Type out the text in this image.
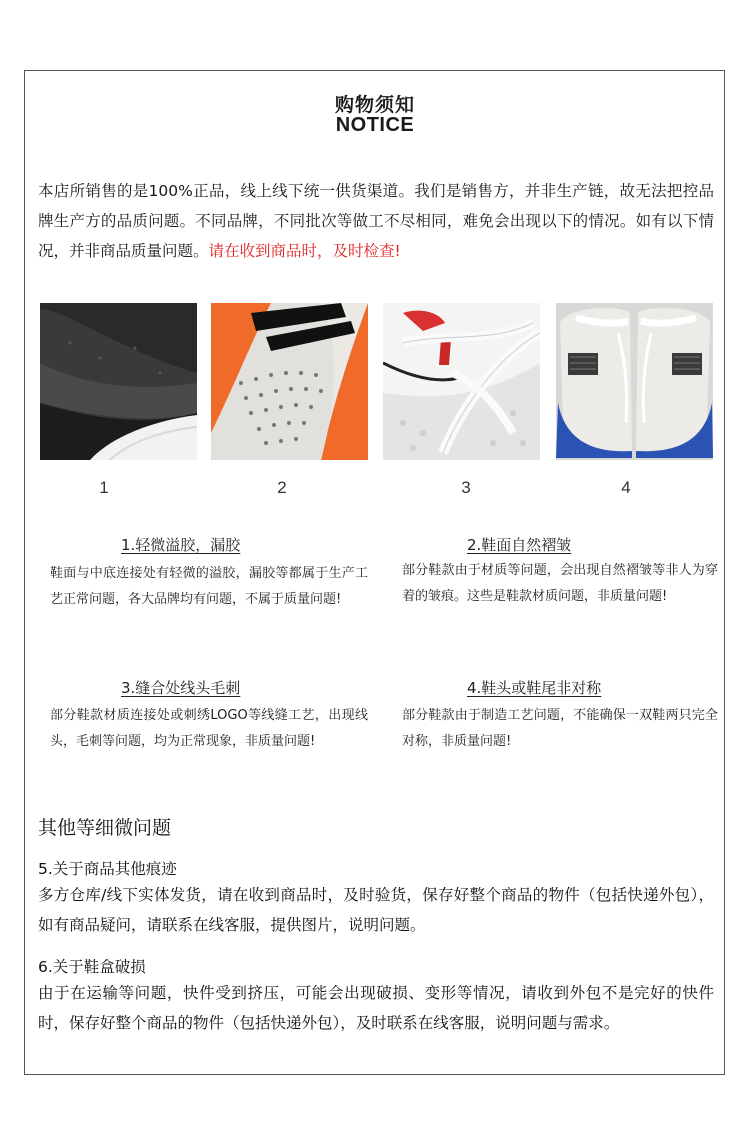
购物须知
NOTICE
本店所销售的是100%正品，线上线下统一供货渠道。我们是销售方，并非生产链，故无法把控品牌生产方的品质问题。不同品牌，不同批次等做工不尽相同，难免会出现以下的情况。如有以下情况，并非商品质量问题。请在收到商品时，及时检查!
1	2	3	4
1.轻微溢胶，漏胶
鞋面与中底连接处有轻微的溢胶，漏胶等都属于生产工艺正常问题，各大品牌均有问题，不属于质量问题!
2.鞋面自然褶皱
部分鞋款由于材质等问题，会出现自然褶皱等非人为穿着的皱痕。这些是鞋款材质问题，非质量问题!
3.缝合处线头毛刺
部分鞋款材质连接处或刺绣LOGO等线缝工艺，出现线头，毛刺等问题，均为正常现象，非质量问题!
4.鞋头或鞋尾非对称
部分鞋款由于制造工艺问题，不能确保一双鞋两只完全对称，非质量问题!
其他等细微问题
5.关于商品其他痕迹
多方仓库/线下实体发货，请在收到商品时，及时验货，保存好整个商品的物件（包括快递外包），如有商品疑问，请联系在线客服，提供图片，说明问题。
6.关于鞋盒破损
由于在运输等问题，快件受到挤压，可能会出现破损、变形等情况，请收到外包不是完好的快件时，保存好整个商品的物件（包括快递外包），及时联系在线客服，说明问题与需求。
